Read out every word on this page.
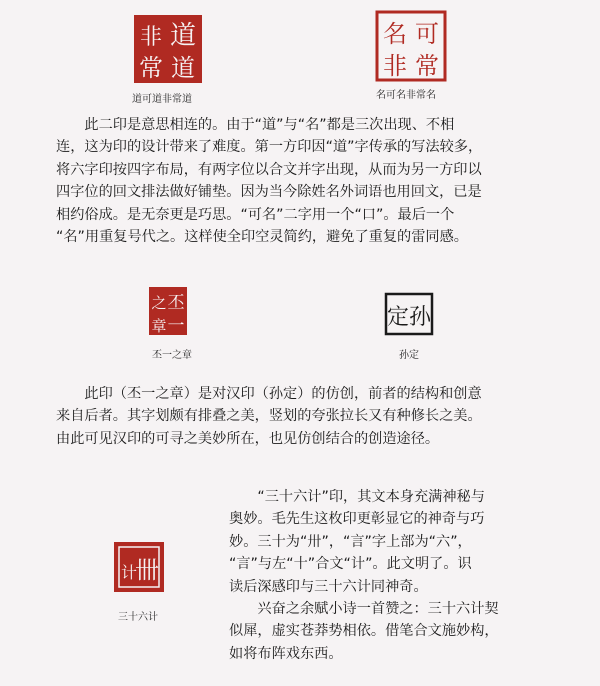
道
非
常 道
道可道非常道
名 可
非 常
名可名非常名

此二印是意思相连的。由于“道”与“名”都是三次出现、不相
连，这为印的设计带来了难度。第一方印因“道”字传承的写法较多，
将六字印按四字布局，有两字位以合文并字出现，从而为另一方印以
四字位的回文排法做好铺垫。因为当今除姓名外词语也用回文，已是
相约俗成。是无奈更是巧思。“可名”二字用一个“口”。最后一个
“名”用重复号代之。这样使全印空灵简约，避免了重复的雷同感。

丕
之
一
章
丕一之章
孙
定
孙定

此印（丕一之章）是对汉印（孙定）的仿创，前者的结构和创意
来自后者。其字划颇有排叠之美，竖划的夸张拉长又有种修长之美。
由此可见汉印的可寻之美妙所在，也见仿创结合的创造途径。

卌
计
三十六计

“三十六计”印，其文本身充满神秘与
奥妙。毛先生这枚印更彰显它的神奇与巧
妙。三十为“卅”，“言”字上部为“六”，
“言”与左“十”合文“计”。此文明了。识
读后深感印与三十六计同神奇。

兴奋之余赋小诗一首赞之：三十六计契
似犀，虚实苍莽势相依。借笔合文施妙构，
如将布阵戏东西。
